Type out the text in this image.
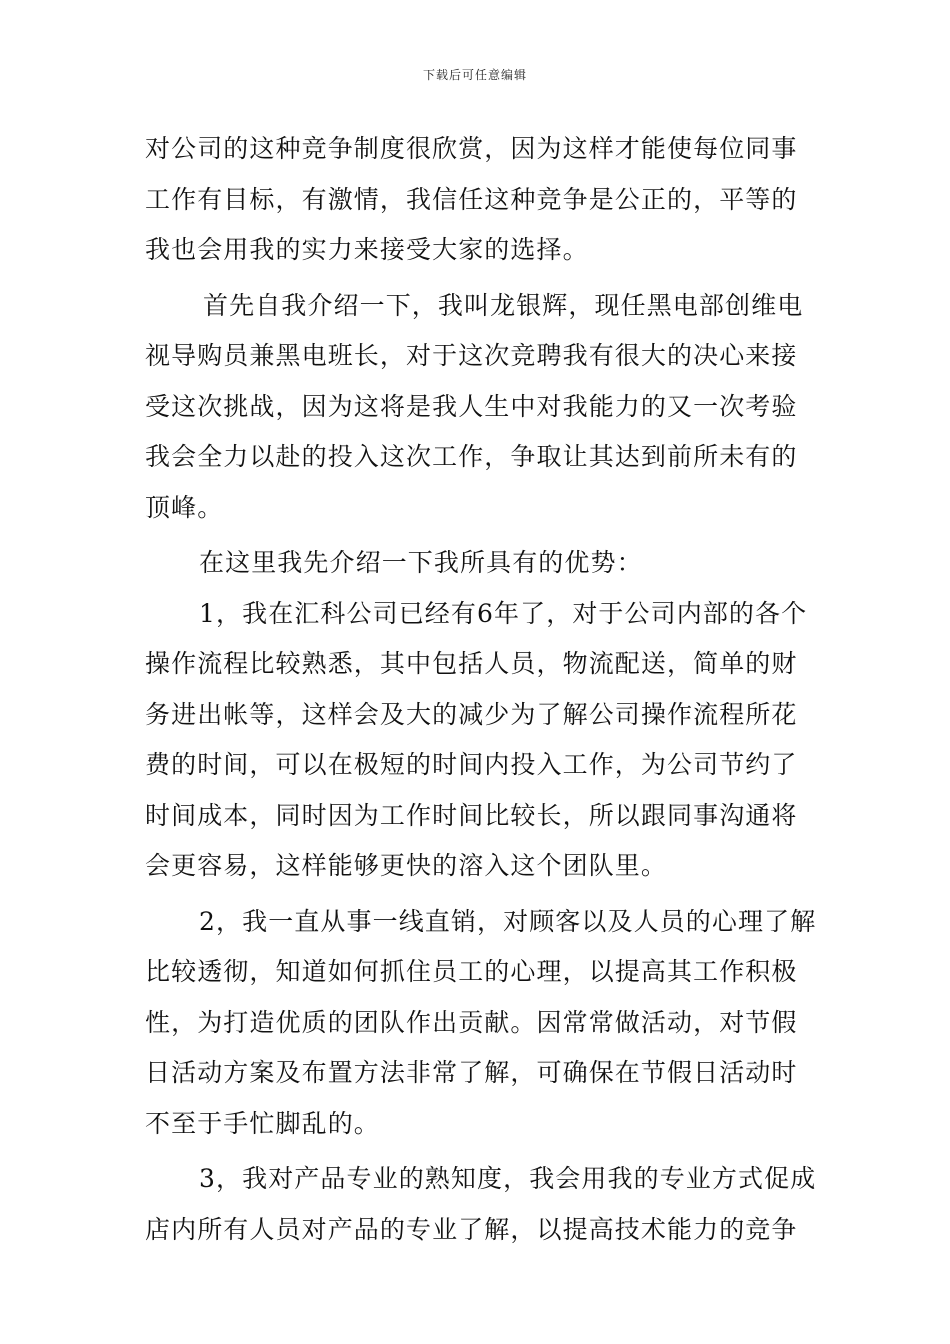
下载后可任意编辑
对公司的这种竞争制度很欣赏，因为这样才能使每位同事
工作有目标，有激情，我信任这种竞争是公正的，平等的
我也会用我的实力来接受大家的选择。
首先自我介绍一下，我叫龙银辉，现任黑电部创维电
视导购员兼黑电班长，对于这次竞聘我有很大的决心来接
受这次挑战，因为这将是我人生中对我能力的又一次考验
我会全力以赴的投入这次工作，争取让其达到前所未有的
顶峰。
在这里我先介绍一下我所具有的优势：
1，我在汇科公司已经有6年了，对于公司内部的各个
操作流程比较熟悉，其中包括人员，物流配送，简单的财
务进出帐等，这样会及大的减少为了解公司操作流程所花
费的时间，可以在极短的时间内投入工作，为公司节约了
时间成本，同时因为工作时间比较长，所以跟同事沟通将
会更容易，这样能够更快的溶入这个团队里。
2，我一直从事一线直销，对顾客以及人员的心理了解
比较透彻，知道如何抓住员工的心理，以提高其工作积极
性，为打造优质的团队作出贡献。因常常做活动，对节假
日活动方案及布置方法非常了解，可确保在节假日活动时
不至于手忙脚乱的。
3，我对产品专业的熟知度，我会用我的专业方式促成
店内所有人员对产品的专业了解，以提高技术能力的竞争
